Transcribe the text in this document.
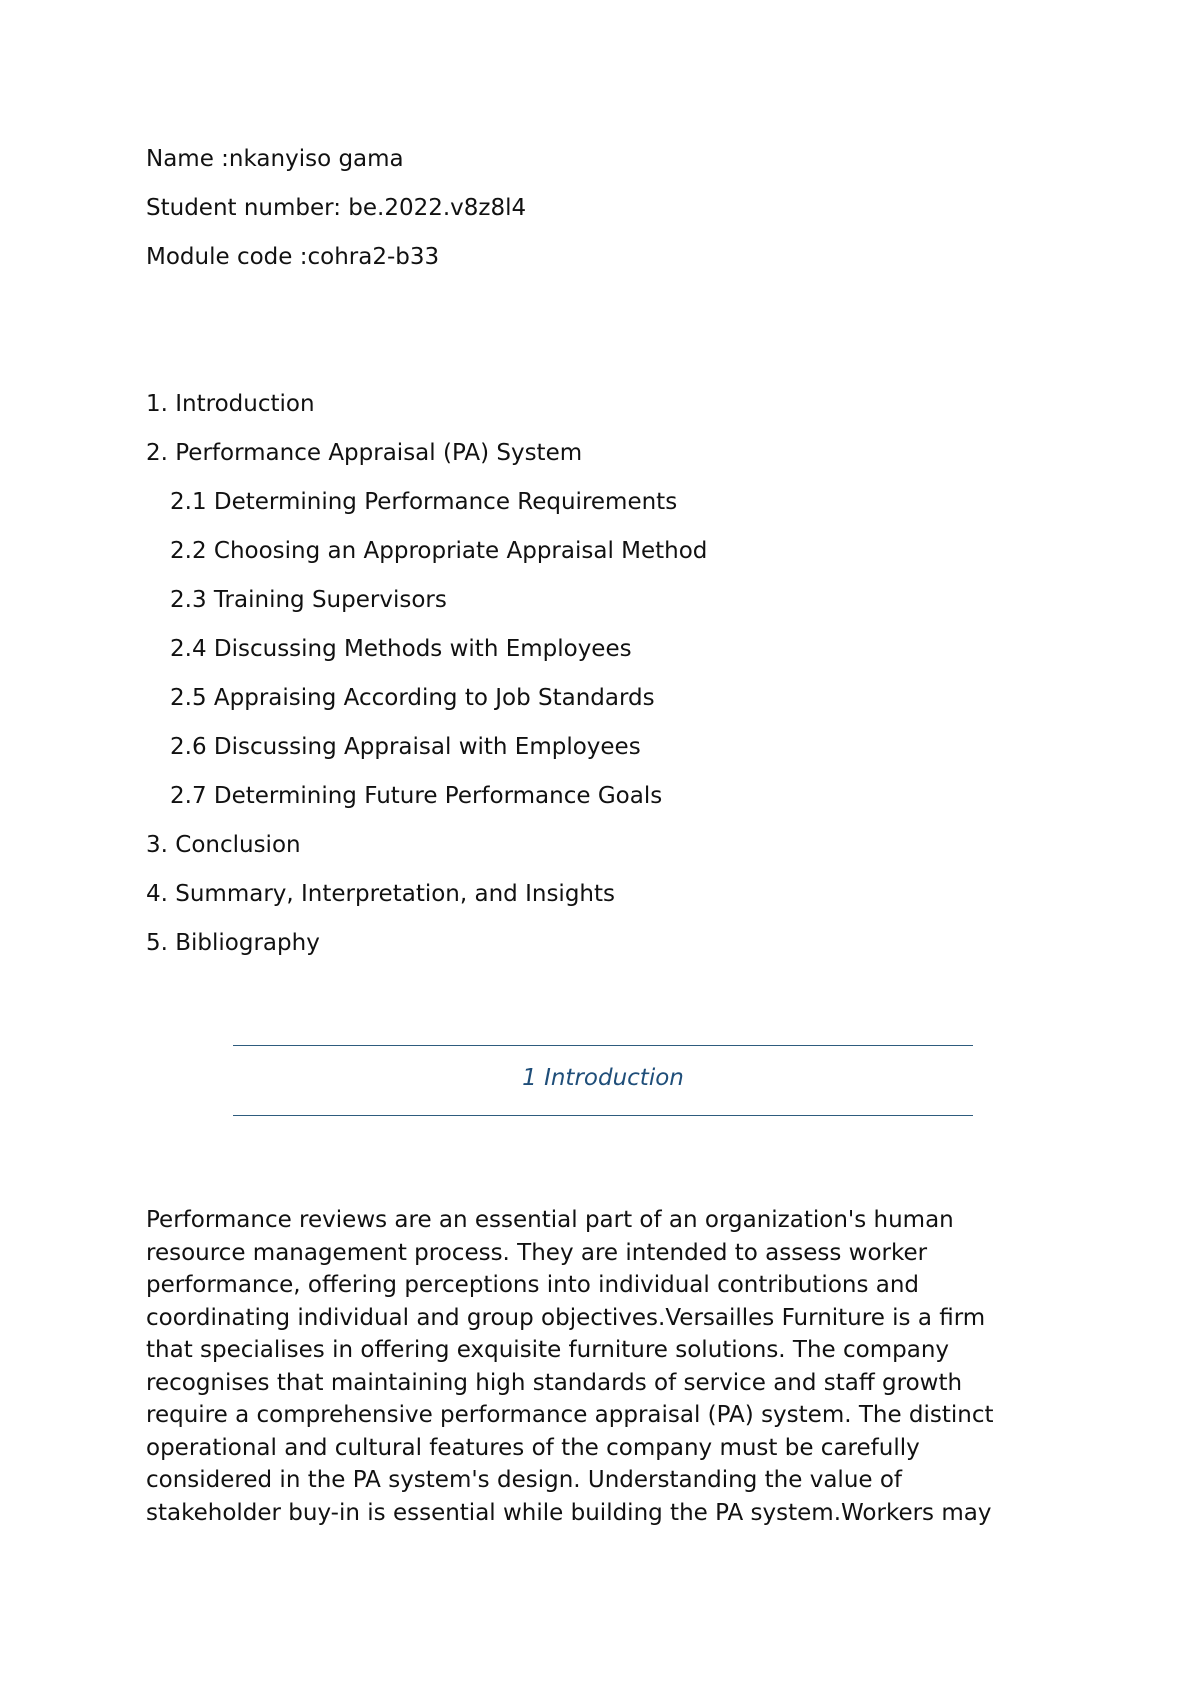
Name :nkanyiso gama
Student number: be.2022.v8z8l4
Module code :cohra2-b33
1. Introduction
2. Performance Appraisal (PA) System
2.1 Determining Performance Requirements
2.2 Choosing an Appropriate Appraisal Method
2.3 Training Supervisors
2.4 Discussing Methods with Employees
2.5 Appraising According to Job Standards
2.6 Discussing Appraisal with Employees
2.7 Determining Future Performance Goals
3. Conclusion
4. Summary, Interpretation, and Insights
5. Bibliography
1 Introduction

Performance reviews are an essential part of an organization's human
resource management process. They are intended to assess worker
performance, offering perceptions into individual contributions and
coordinating individual and group objectives.Versailles Furniture is a firm
that specialises in offering exquisite furniture solutions. The company
recognises that maintaining high standards of service and staff growth
require a comprehensive performance appraisal (PA) system. The distinct
operational and cultural features of the company must be carefully
considered in the PA system's design. Understanding the value of
stakeholder buy-in is essential while building the PA system.Workers may
